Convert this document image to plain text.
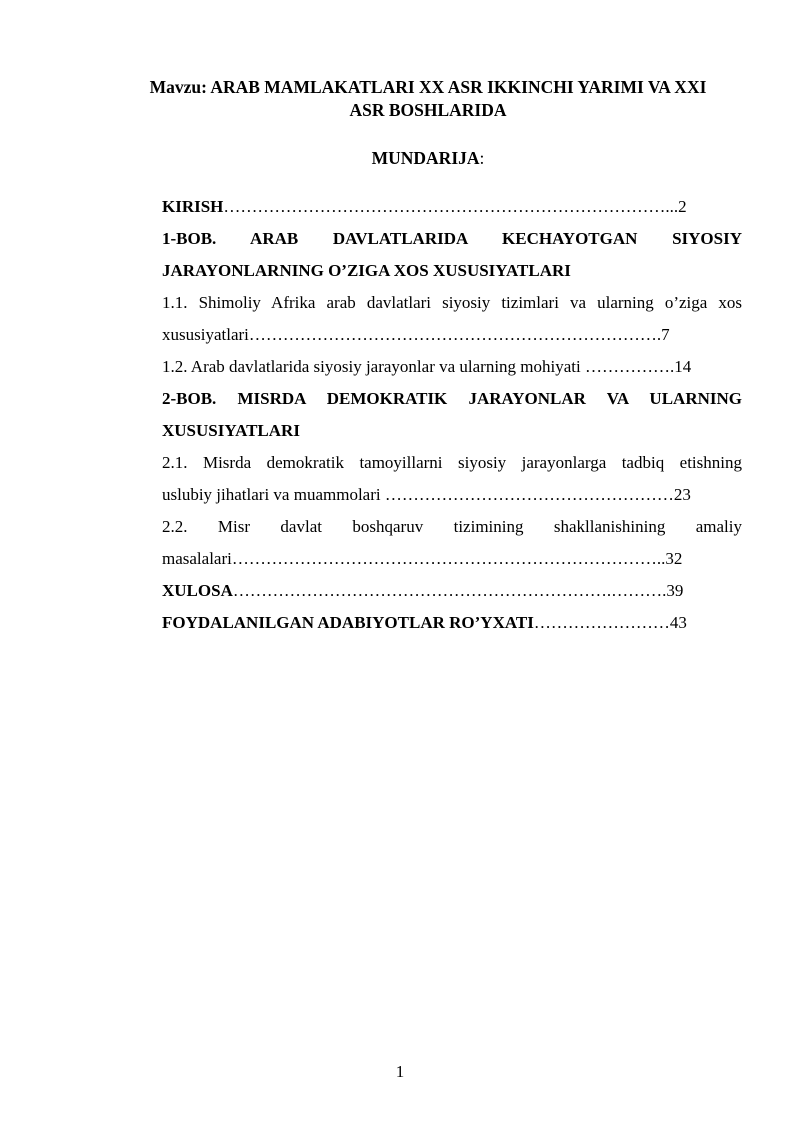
Mavzu: ARAB MAMLAKATLARI XX ASR IKKINCHI YARIMI VA XXI
ASR BOSHLARIDA
MUNDARIJA:
KIRISH……………………………………………………………………...2
1-BOB. ARAB DAVLATLARIDA KECHAYOTGAN SIYOSIY
JARAYONLARNING O’ZIGA XOS XUSUSIYATLARI
1.1. Shimoliy Afrika arab davlatlari siyosiy tizimlari va ularning o’ziga xos
xususiyatlari……………………………………………………………….7
1.2. Arab davlatlarida siyosiy jarayonlar va ularning mohiyati …………….14
2-BOB. MISRDA DEMOKRATIK JARAYONLAR VA ULARNING
XUSUSIYATLARI
2.1. Misrda demokratik tamoyillarni siyosiy jarayonlarga tadbiq etishning
uslubiy jihatlari va muammolari ……………………………………………23
2.2. Misr davlat boshqaruv tizimining shakllanishining amaliy
masalalari…………………………………………………………………..32
XULOSA………………………………………………………….……….39
FOYDALANILGAN ADABIYOTLAR RO’YXATI……………………43
1
